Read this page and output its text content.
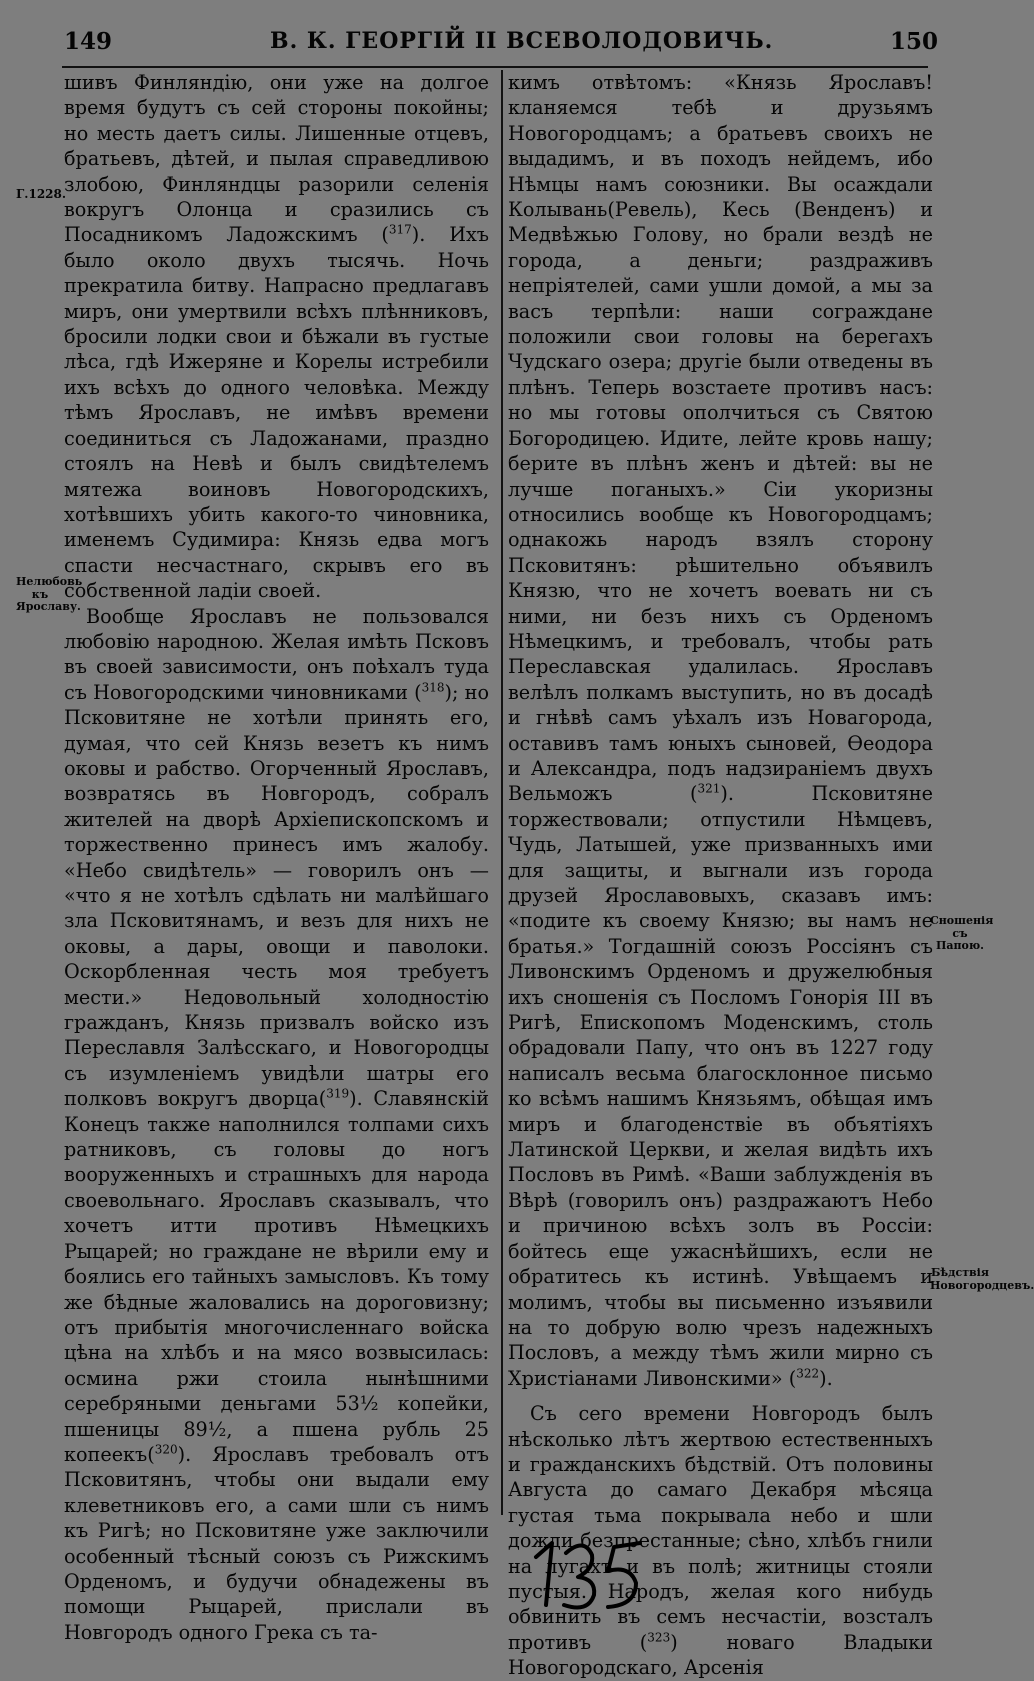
149	В. К. ГЕОРГІЙ II ВСЕВОЛОДОВИЧЬ.	150
Г.1228.
Нелюбовь къ Ярославу.
Сношенія съ Папою.
Бѣдствія Новогородцевъ.

шивъ Финляндію, они уже на долгое время будутъ съ сей стороны покойны; но месть даетъ силы. Лишенные отцевъ, братьевъ, дѣтей, и пылая справедливою злобою, Финляндцы разорили селенія вокругъ Олонца и сразились съ Посадникомъ Ладожскимъ ($^{317}$). Ихъ было около двухъ тысячь. Ночь прекратила битву. Напрасно предлагавъ миръ, они умертвили всѣхъ плѣнниковъ, бросили лодки свои и бѣжали въ густые лѣса, гдѣ Ижеряне и Корелы истребили ихъ всѣхъ до одного человѣка. Между тѣмъ Ярославъ, не имѣвъ времени соединиться съ Ладожанами, праздно стоялъ на Невѣ и былъ свидѣтелемъ мятежа воиновъ Новогородскихъ, хотѣвшихъ убить какого-то чиновника, именемъ Судимира: Князь едва могъ спасти несчастнаго, скрывъ его въ собственной ладіи своей.

Вообще Ярославъ не пользовался любовію народною. Желая имѣть Псковъ въ своей зависимости, онъ поѣхалъ туда съ Новогородскими чиновниками ($^{318}$); но Псковитяне не хотѣли принять его, думая, что сей Князь везетъ къ нимъ оковы и рабство. Огорченный Ярославъ, возвратясь въ Новгородъ, собралъ жителей на дворѣ Архіепископскомъ и торжественно принесъ имъ жалобу. «Небо свидѣтель» — говорилъ онъ — «что я не хотѣлъ сдѣлать ни малѣйшаго зла Псковитянамъ, и везъ для нихъ не оковы, а дары, овощи и паволоки. Оскорбленная честь моя требуетъ мести.» Недовольный холодностію гражданъ, Князь призвалъ войско изъ Переславля Залѣсскаго, и Новогородцы съ изумленіемъ увидѣли шатры его полковъ вокругъ дворца($^{319}$). Славянскій Конецъ также наполнился толпами сихъ ратниковъ, съ головы до ногъ вооруженныхъ и страшныхъ для народа своевольнаго. Ярославъ сказывалъ, что хочетъ итти противъ Нѣмецкихъ Рыцарей; но граждане не вѣрили ему и боялись его тайныхъ замысловъ. Къ тому же бѣдные жаловались на дороговизну; отъ прибытія многочисленнаго войска цѣна на хлѣбъ и на мясо возвысилась: осмина ржи стоила нынѣшними серебряными деньгами 53½ копейки, пшеницы 89½, а пшена рубль 25 копеекъ($^{320}$). Ярославъ требовалъ отъ Псковитянъ, чтобы они выдали ему клеветниковъ его, а сами шли съ нимъ къ Ригѣ; но Псковитяне уже заключили особенный тѣсный союзъ съ Рижскимъ Орденомъ, и будучи обнадежены въ помощи Рыцарей, прислали въ Новгородъ одного Грека съ та-

кимъ отвѣтомъ: «Князь Ярославъ! кланяемся тебѣ и друзьямъ Новогородцамъ; а братьевъ своихъ не выдадимъ, и въ походъ нейдемъ, ибо Нѣмцы намъ союзники. Вы осаждали Колывань(Ревель), Кесь (Венденъ) и Медвѣжью Голову, но брали вездѣ не города, а деньги; раздраживъ непріятелей, сами ушли домой, а мы за васъ терпѣли: наши сограждане положили свои головы на берегахъ Чудскаго озера; другіе были отведены въ плѣнъ. Теперь возстаете противъ насъ: но мы готовы ополчиться съ Святою Богородицею. Идите, лейте кровь нашу; берите въ плѣнъ женъ и дѣтей: вы не лучше поганыхъ.» Сіи укоризны относились вообще къ Новогородцамъ; однакожь народъ взялъ сторону Псковитянъ: рѣшительно объявилъ Князю, что не хочетъ воевать ни съ ними, ни безъ нихъ съ Орденомъ Нѣмецкимъ, и требовалъ, чтобы рать Переславская удалилась. Ярославъ велѣлъ полкамъ выступить, но въ досадѣ и гнѣвѣ самъ уѣхалъ изъ Новагорода, оставивъ тамъ юныхъ сыновей, Ѳеодора и Александра, подъ надзираніемъ двухъ Вельможъ ($^{321}$). Псковитяне торжествовали; отпустили Нѣмцевъ, Чудь, Латышей, уже призванныхъ ими для защиты, и выгнали изъ города друзей Ярославовыхъ, сказавъ имъ: «подите къ своему Князю; вы намъ не братья.» Тогдашній союзъ Россіянъ съ Ливонскимъ Орденомъ и дружелюбныя ихъ сношенія съ Посломъ Гонорія III въ Ригѣ, Епископомъ Моденскимъ, столь обрадовали Папу, что онъ въ 1227 году написалъ весьма благосклонное письмо ко всѣмъ нашимъ Князьямъ, обѣщая имъ миръ и благоденствіе въ объятіяхъ Латинской Церкви, и желая видѣть ихъ Пословъ въ Римѣ. «Ваши заблужденія въ Вѣрѣ (говорилъ онъ) раздражаютъ Небо и причиною всѣхъ золъ въ Россіи: бойтесь еще ужаснѣйшихъ, если не обратитесь къ истинѣ. Увѣщаемъ и молимъ, чтобы вы письменно изъявили на то добрую волю чрезъ надежныхъ Пословъ, а между тѣмъ жили мирно съ Христіанами Ливонскими» ($^{322}$).

Съ сего времени Новгородъ былъ нѣсколько лѣтъ жертвою естественныхъ и гражданскихъ бѣдствій. Отъ половины Августа до самаго Декабря мѣсяца густая тьма покрывала небо и шли дожди безпрестанные; сѣно, хлѣбъ гнили на лугахъ и въ полѣ; житницы стояли пустыя. Народъ, желая кого нибудь обвинить въ семъ несчастіи, возсталъ противъ ($^{323}$) новаго Владыки Новогородскаго, Арсенія
